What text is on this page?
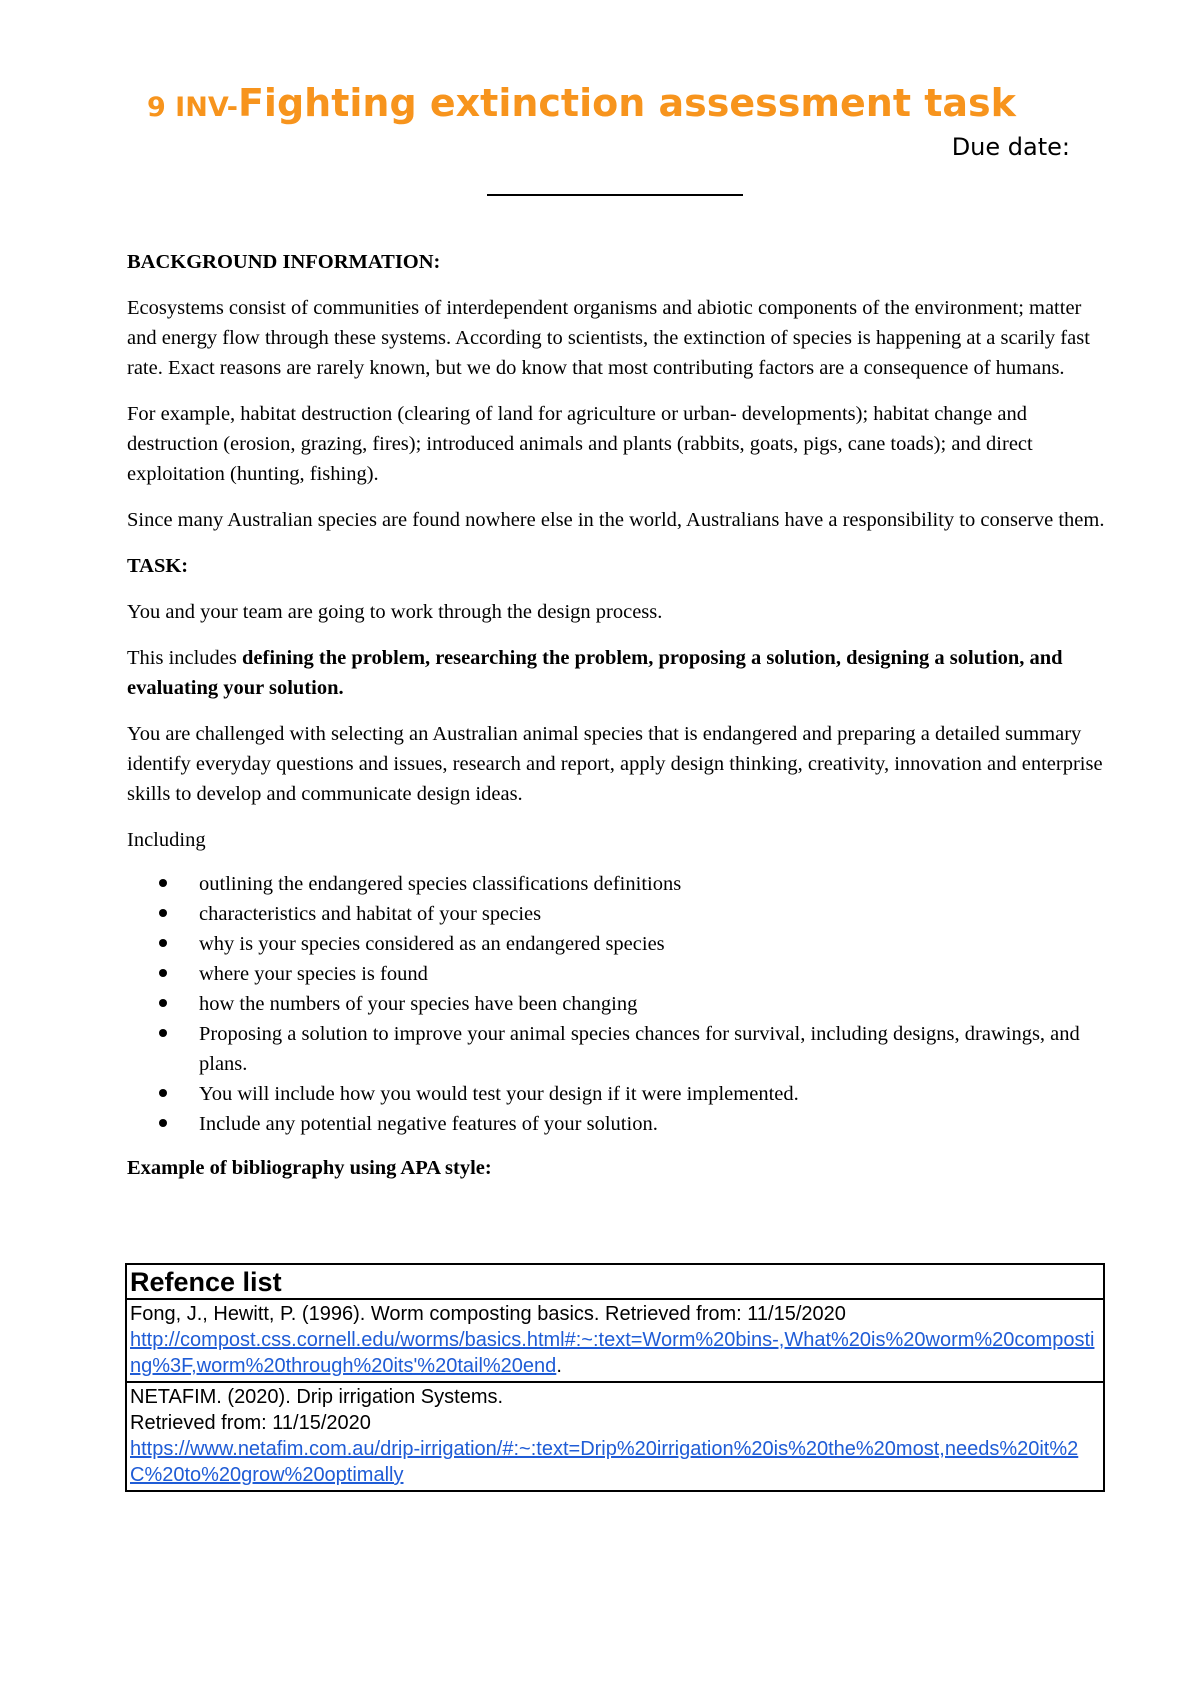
9 INV-Fighting extinction assessment task

Due date:

BACKGROUND INFORMATION:

Ecosystems consist of communities of interdependent organisms and abiotic components of the environment; matter and energy flow through these systems. According to scientists, the extinction of species is happening at a scarily fast rate. Exact reasons are rarely known, but we do know that most contributing factors are a consequence of humans.

For example, habitat destruction (clearing of land for agriculture or urban- developments); habitat change and destruction (erosion, grazing, fires); introduced animals and plants (rabbits, goats, pigs, cane toads); and direct exploitation (hunting, fishing).

Since many Australian species are found nowhere else in the world, Australians have a responsibility to conserve them.

TASK:

You and your team are going to work through the design process.

This includes defining the problem, researching the problem, proposing a solution, designing a solution, and evaluating your solution.

You are challenged with selecting an Australian animal species that is endangered and preparing a detailed summary identify everyday questions and issues, research and report, apply design thinking, creativity, innovation and enterprise skills to develop and communicate design ideas.

Including

outlining the endangered species classifications definitions
characteristics and habitat of your species
why is your species considered as an endangered species
where your species is found
how the numbers of your species have been changing
Proposing a solution to improve your animal species chances for survival, including designs, drawings, and plans.
You will include how you would test your design if it were implemented.
Include any potential negative features of your solution.

Example of bibliography using APA style:

Refence list
Fong, J., Hewitt, P. (1996). Worm composting basics. Retrieved from: 11/15/2020
http://compost.css.cornell.edu/worms/basics.html#:~:text=Worm%20bins-,What%20is%20worm%20composting%3F,worm%20through%20its'%20tail%20end.
NETAFIM. (2020). Drip irrigation Systems.
Retrieved from: 11/15/2020
https://www.netafim.com.au/drip-irrigation/#:~:text=Drip%20irrigation%20is%20the%20most,needs%20it%2C%20to%20grow%20optimally
